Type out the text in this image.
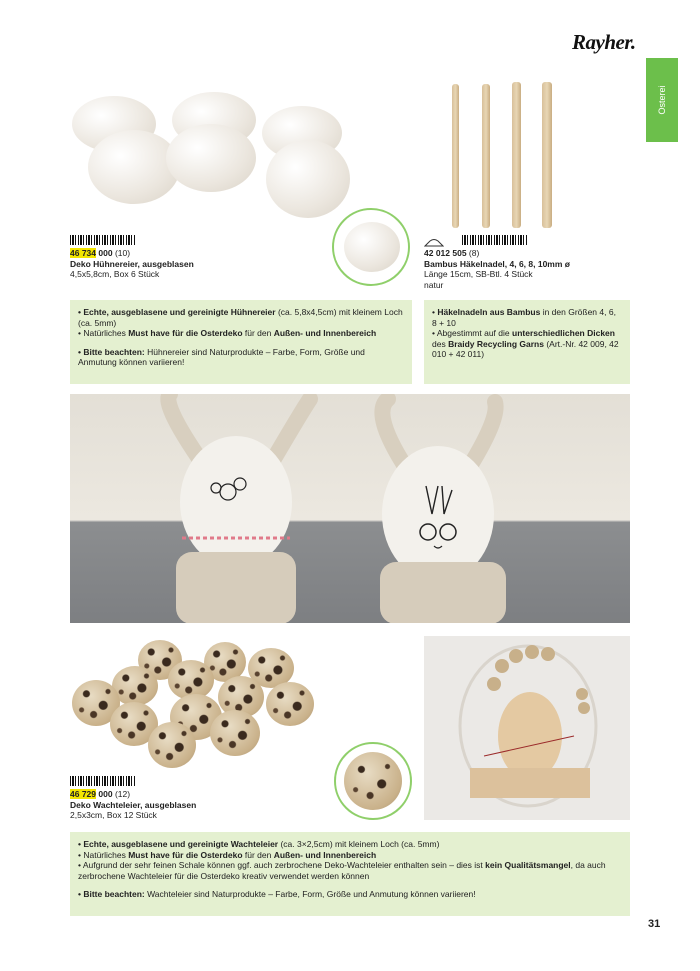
Rayher.
Osterei
46 734 000 (10)
Deko Hühnereier, ausgeblasen
4,5x5,8cm, Box 6 Stück
42 012 505 (8)
Bambus Häkelnadel, 4, 6, 8, 10mm ø
Länge 15cm, SB-Btl. 4 Stück
natur

• Echte, ausgeblasene und gereinigte Hühnereier (ca. 5,8x4,5cm) mit kleinem Loch (ca. 5mm)
• Natürliches Must have für die Osterdeko für den Außen- und Innenbereich

• Bitte beachten: Hühnereier sind Naturprodukte – Farbe, Form, Größe und Anmutung können variieren!

• Häkelnadeln aus Bambus in den Größen 4, 6, 8 + 10
• Abgestimmt auf die unterschiedlichen Dicken des Braidy Recycling Garns (Art.-Nr. 42 009, 42 010 + 42 011)

46 729 000 (12)
Deko Wachteleier, ausgeblasen
2,5x3cm, Box 12 Stück

• Echte, ausgeblasene und gereinigte Wachteleier (ca. 3×2,5cm) mit kleinem Loch (ca. 5mm)
• Natürliches Must have für die Osterdeko für den Außen- und Innenbereich
• Aufgrund der sehr feinen Schale können ggf. auch zerbrochene Deko-Wachteleier enthalten sein – dies ist kein Qualitätsmangel, da auch zerbrochene Wachteleier für die Osterdeko kreativ verwendet werden können

• Bitte beachten: Wachteleier sind Naturprodukte – Farbe, Form, Größe und Anmutung können variieren!

31
